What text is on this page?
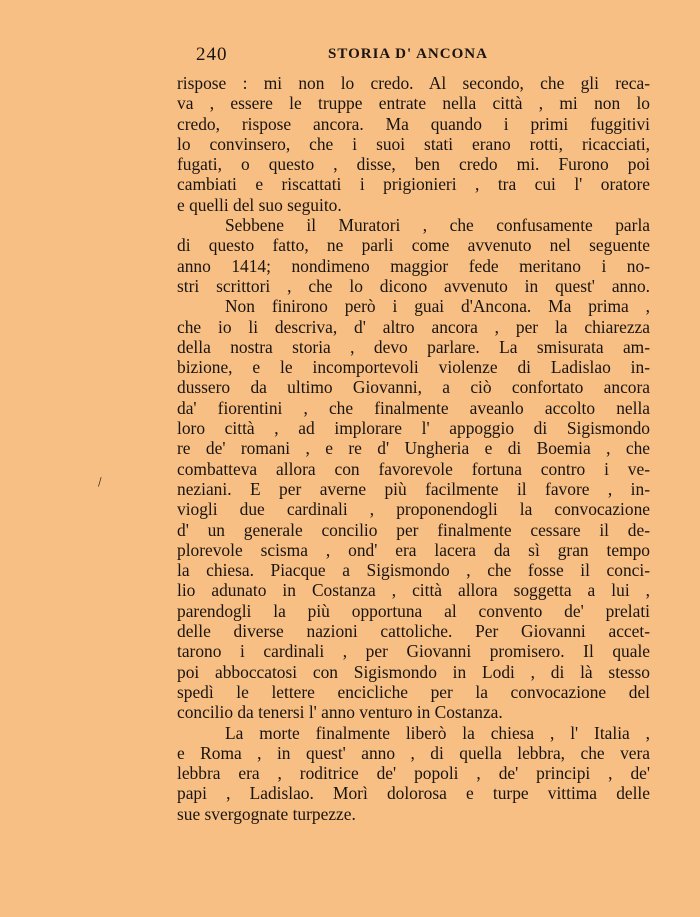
240	STORIA D' ANCONA
rispose : mi non lo credo. Al secondo, che gli reca-
va , essere le truppe entrate nella città , mi non lo
credo, rispose ancora. Ma quando i primi fuggitivi
lo convinsero, che i suoi stati erano rotti, ricacciati,
fugati, o questo , disse, ben credo mi. Furono poi
cambiati e riscattati i prigionieri , tra cui l' oratore
e quelli del suo seguito.
Sebbene il Muratori , che confusamente parla
di questo fatto, ne parli come avvenuto nel seguente
anno 1414; nondimeno maggior fede meritano i no-
stri scrittori , che lo dicono avvenuto in quest' anno.
Non finirono però i guai d'Ancona. Ma prima ,
che io li descriva, d' altro ancora , per la chiarezza
della nostra storia , devo parlare. La smisurata am-
bizione, e le incomportevoli violenze di Ladislao in-
dussero da ultimo Giovanni, a ciò confortato ancora
da' fiorentini , che finalmente aveanlo accolto nella
loro città , ad implorare l' appoggio di Sigismondo
re de' romani , e re d' Ungheria e di Boemia , che
combatteva allora con favorevole fortuna contro i ve-
neziani. E per averne più facilmente il favore , in-
viogli due cardinali , proponendogli la convocazione
d' un generale concilio per finalmente cessare il de-
plorevole scisma , ond' era lacera da sì gran tempo
la chiesa. Piacque a Sigismondo , che fosse il conci-
lio adunato in Costanza , città allora soggetta a lui ,
parendogli la più opportuna al convento de' prelati
delle diverse nazioni cattoliche. Per Giovanni accet-
tarono i cardinali , per Giovanni promisero. Il quale
poi abboccatosi con Sigismondo in Lodi , di là stesso
spedì le lettere encicliche per la convocazione del
concilio da tenersi l' anno venturo in Costanza.
La morte finalmente liberò la chiesa , l' Italia ,
e Roma , in quest' anno , di quella lebbra, che vera
lebbra era , roditrice de' popoli , de' principi , de'
papi , Ladislao. Morì dolorosa e turpe vittima delle
sue svergognate turpezze.
\
